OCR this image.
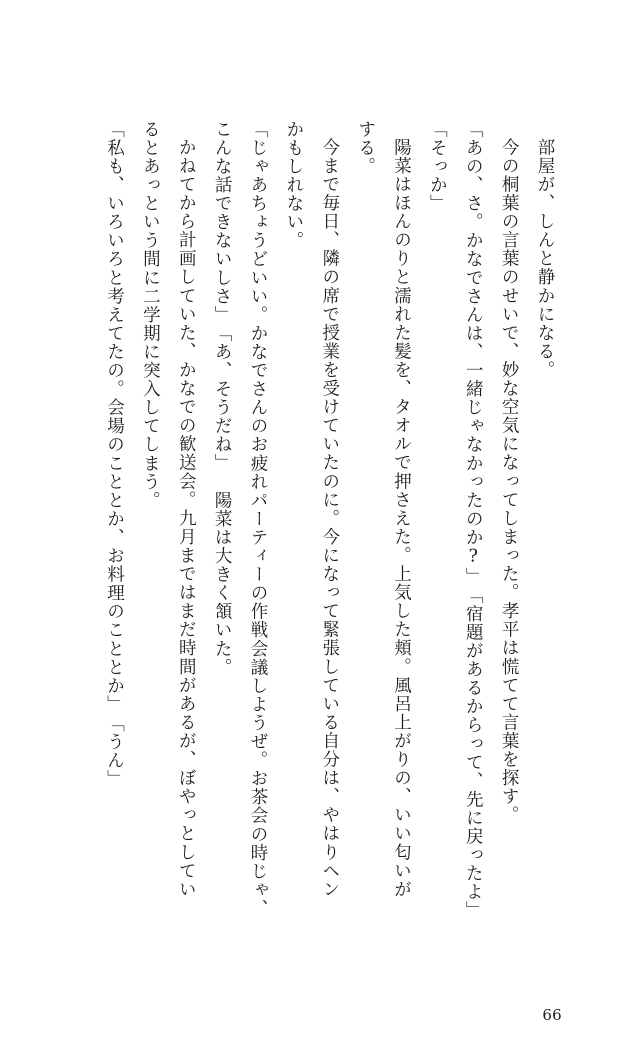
部屋が、しんと静かになる。
今の桐葉の言葉のせいで、妙な空気になってしまった。孝平は慌てて言葉を探す。
「あの、さ。かなでさんは、一緒じゃなかったのか?」
「宿題があるからって、先に戻ったよ」
「そっか」
陽菜はほんのりと濡れた髪を、タオルで押さえた。上気した頬。風呂上がりの、いい匂いが
する。
今まで毎日、隣の席で授業を受けていたのに。今になって緊張している自分は、やはりヘン
かもしれない。
「じゃあちょうどいい。かなでさんのお疲れパーティーの作戦会議しようぜ。お茶会の時じゃ、
こんな話できないしさ」
「あ、そうだね」
陽菜は大きく頷いた。
かねてから計画していた、かなでの歓送会。九月まではまだ時間があるが、ぼやっとしてい
るとあっという間に二学期に突入してしまう。
「私も、いろいろと考えてたの。会場のこととか、お料理のこととか」
「うん」
66
